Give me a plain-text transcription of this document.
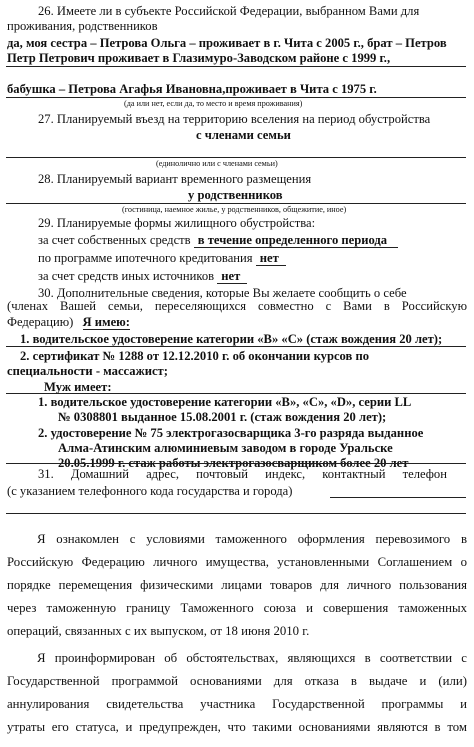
26. Имеете ли в субъекте Российской Федерации, выбранном Вами для
проживания, родственников
да, моя сестра – Петрова Ольга – проживает в г. Чита с 2005 г., брат – Петров
Петр Петрович проживает в Глазимуро-Заводском районе с 1999 г.,
бабушка – Петрова Агафья Ивановна,проживает в Чита с 1975 г.
(да или нет, если да, то место и время проживания)
27. Планируемый въезд на территорию вселения на период обустройства
с членами семьи
(единолично или с членами семьи)
28. Планируемый вариант временного размещения
у родственников
(гостиница, наемное жилье, у родственников, общежитие, иное)
29. Планируемые формы жилищного обустройства:
за счет собственных средств в течение определенного периода
по программе ипотечного кредитования нет
за счет средств иных источников нет
30. Дополнительные сведения, которые Вы желаете сообщить о себе
(членах Вашей семьи, переселяющихся совместно с Вами в Российскую
Федерацию) Я имею:
1. водительское удостоверение категории «В» «С» (стаж вождения 20 лет);
2. сертификат № 1288 от 12.12.2010 г. об окончании курсов по
специальности - массажист;
Муж имеет:
1. водительское удостоверение категории «В», «С», «D», серии LL
№ 0308801 выданное 15.08.2001 г. (стаж вождения 20 лет);
2. удостоверение № 75 электрогазосварщика 3-го разряда выданное
Алма-Атинским алюминиевым заводом в городе Уральске
20.05.1999 г. стаж работы электрогазосварщиком более 20 лет
31. Домашний адрес, почтовый индекс, контактный телефон
(с указанием телефонного кода государства и города)
Я ознакомлен с условиями таможенного оформления перевозимого в
Российскую Федерацию личного имущества, установленными Соглашением о
порядке перемещения физическими лицами товаров для личного пользования
через таможенную границу Таможенного союза и совершения таможенных
операций, связанных с их выпуском, от 18 июня 2010 г.
Я проинформирован об обстоятельствах, являющихся в соответствии с
Государственной программой основаниями для отказа в выдаче и (или)
аннулирования свидетельства участника Государственной программы и
утраты его статуса, и предупрежден, что такими основаниями являются в том
